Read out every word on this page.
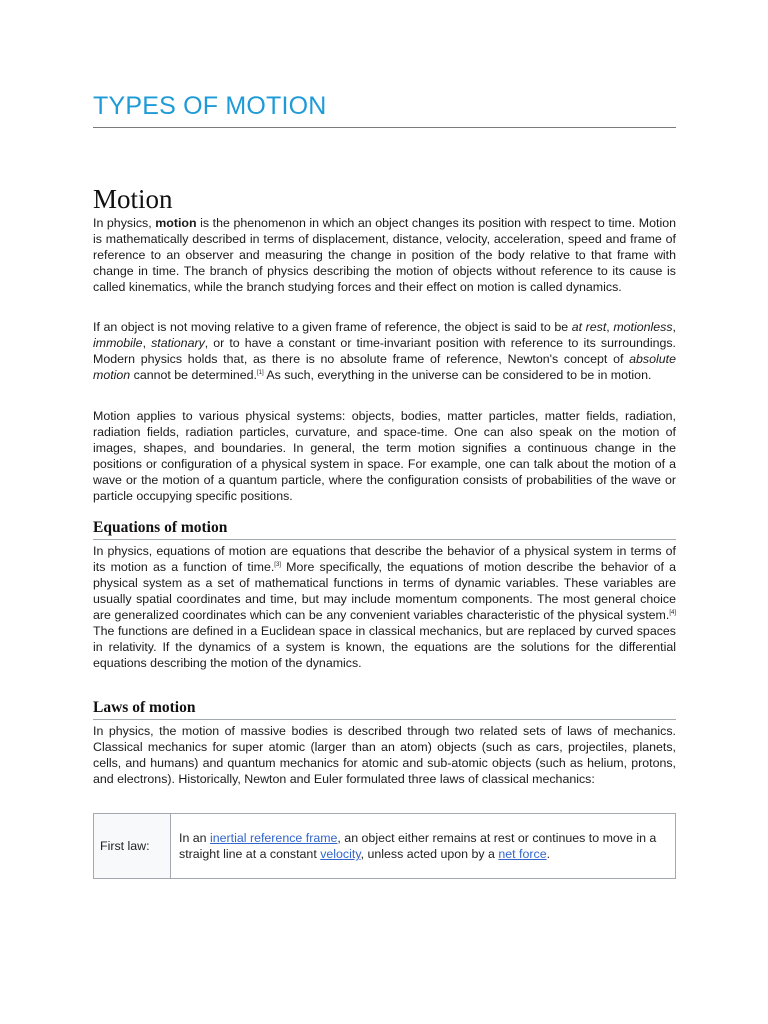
TYPES OF MOTION
Motion

In physics, motion is the phenomenon in which an object changes its position with respect to time. Motion is mathematically described in terms of displacement, distance, velocity, acceleration, speed and frame of reference to an observer and measuring the change in position of the body relative to that frame with change in time. The branch of physics describing the motion of objects without reference to its cause is called kinematics, while the branch studying forces and their effect on motion is called dynamics.

If an object is not moving relative to a given frame of reference, the object is said to be at rest, motionless, immobile, stationary, or to have a constant or time-invariant position with reference to its surroundings. Modern physics holds that, as there is no absolute frame of reference, Newton's concept of absolute motion cannot be determined.[1] As such, everything in the universe can be considered to be in motion.

Motion applies to various physical systems: objects, bodies, matter particles, matter fields, radiation, radiation fields, radiation particles, curvature, and space-time. One can also speak on the motion of images, shapes, and boundaries. In general, the term motion signifies a continuous change in the positions or configuration of a physical system in space. For example, one can talk about the motion of a wave or the motion of a quantum particle, where the configuration consists of probabilities of the wave or particle occupying specific positions.

Equations of motion

In physics, equations of motion are equations that describe the behavior of a physical system in terms of its motion as a function of time.[3] More specifically, the equations of motion describe the behavior of a physical system as a set of mathematical functions in terms of dynamic variables. These variables are usually spatial coordinates and time, but may include momentum components. The most general choice are generalized coordinates which can be any convenient variables characteristic of the physical system.[4] The functions are defined in a Euclidean space in classical mechanics, but are replaced by curved spaces in relativity. If the dynamics of a system is known, the equations are the solutions for the differential equations describing the motion of the dynamics.

Laws of motion

In physics, the motion of massive bodies is described through two related sets of laws of mechanics. Classical mechanics for super atomic (larger than an atom) objects (such as cars, projectiles, planets, cells, and humans) and quantum mechanics for atomic and sub-atomic objects (such as helium, protons, and electrons). Historically, Newton and Euler formulated three laws of classical mechanics:

First law:	In an inertial reference frame, an object either remains at rest or continues to move in a straight line at a constant velocity, unless acted upon by a net force.
